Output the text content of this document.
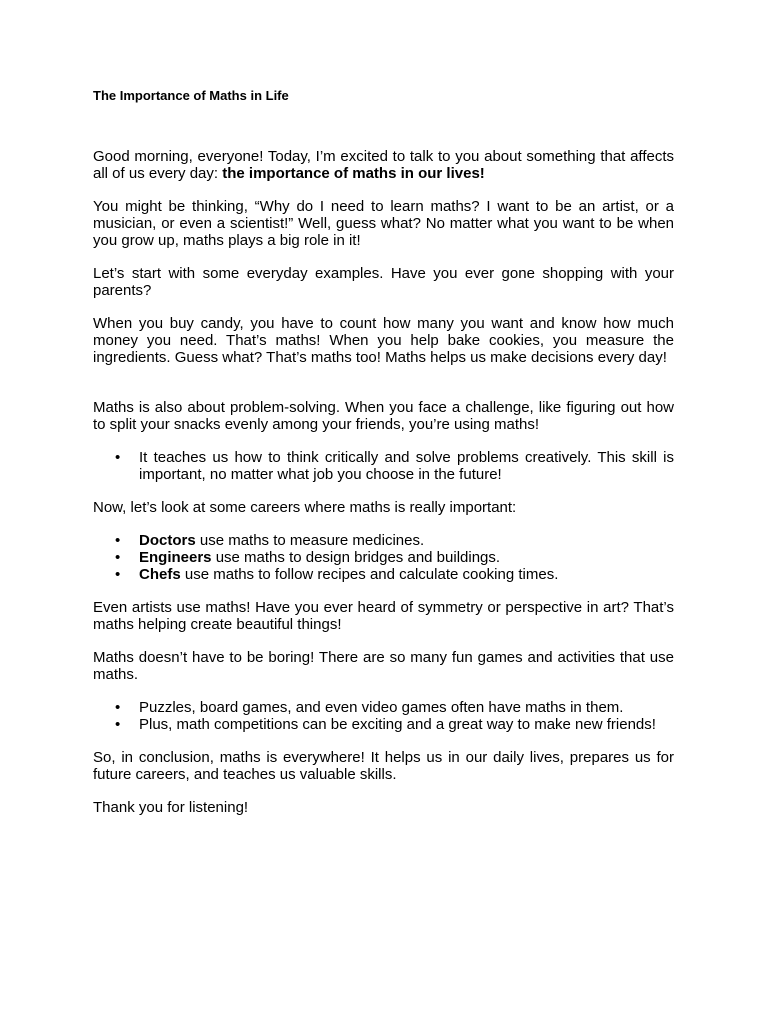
The Importance of Maths in Life

Good morning, everyone! Today, I’m excited to talk to you about something that affects all of us every day: the importance of maths in our lives!

You might be thinking, “Why do I need to learn maths? I want to be an artist, or a musician, or even a scientist!” Well, guess what? No matter what you want to be when you grow up, maths plays a big role in it!

Let’s start with some everyday examples. Have you ever gone shopping with your parents?

When you buy candy, you have to count how many you want and know how much money you need. That’s maths! When you help bake cookies, you measure the ingredients. Guess what? That’s maths too! Maths helps us make decisions every day!

Maths is also about problem-solving. When you face a challenge, like figuring out how to split your snacks evenly among your friends, you’re using maths!

• It teaches us how to think critically and solve problems creatively. This skill is important, no matter what job you choose in the future!

Now, let’s look at some careers where maths is really important:

• Doctors use maths to measure medicines.
• Engineers use maths to design bridges and buildings.
• Chefs use maths to follow recipes and calculate cooking times.

Even artists use maths! Have you ever heard of symmetry or perspective in art? That’s maths helping create beautiful things!

Maths doesn’t have to be boring! There are so many fun games and activities that use maths.

• Puzzles, board games, and even video games often have maths in them.
• Plus, math competitions can be exciting and a great way to make new friends!

So, in conclusion, maths is everywhere! It helps us in our daily lives, prepares us for future careers, and teaches us valuable skills.

Thank you for listening!
